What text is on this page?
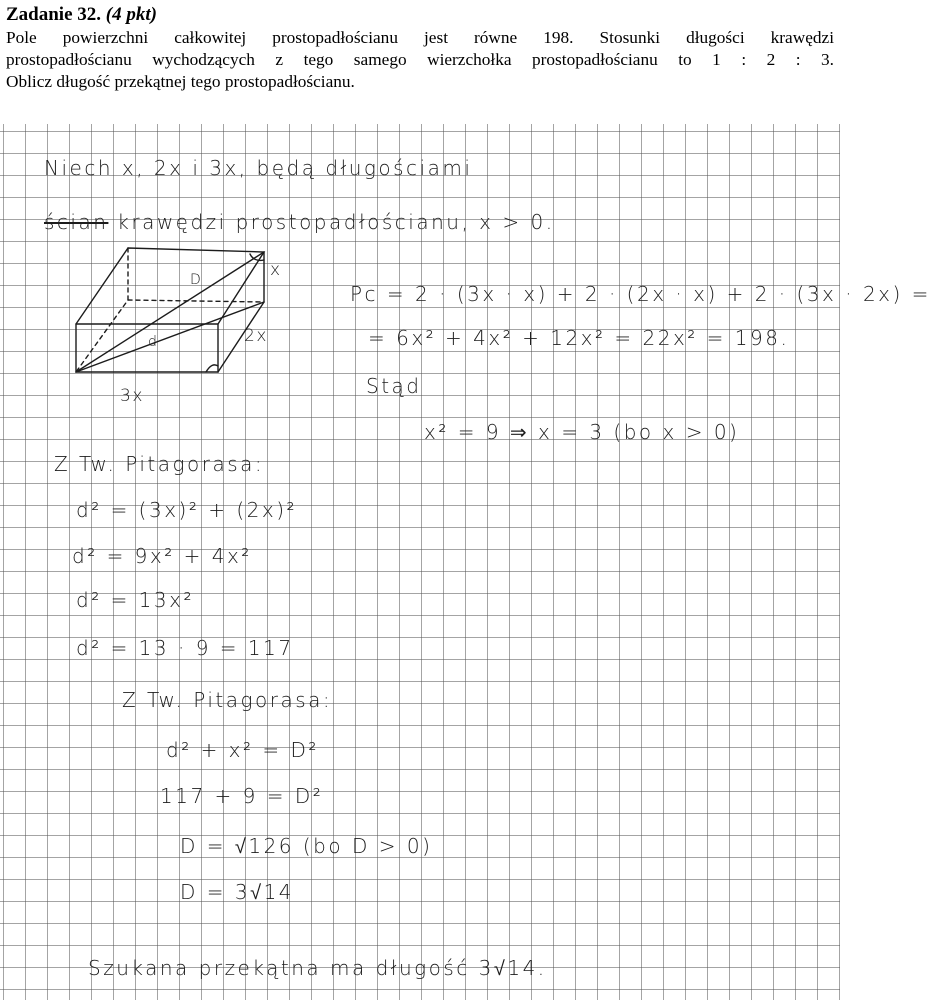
Zadanie 32. (4 pkt)
Pole powierzchni całkowitej prostopadłościanu jest równe 198. Stosunki długości krawędzi
prostopadłościanu wychodzących z tego samego wierzchołka prostopadłościanu to 1 : 2 : 3.
Oblicz długość przekątnej tego prostopadłościanu.
Niech x, 2x i 3x, będą długościami
ścian krawędzi prostopadłościanu, x > 0.
x
2x
3x
D
d
Pc = 2 · (3x · x) + 2 · (2x · x) + 2 · (3x · 2x) =
= 6x² + 4x² + 12x² = 22x² = 198.
Stąd
x² = 9 ⇒ x = 3 (bo x > 0)
Z Tw. Pitagorasa:
d² = (3x)² + (2x)²
d² = 9x² + 4x²
d² = 13x²
d² = 13 · 9 = 117
Z Tw. Pitagorasa:
d² + x² = D²
117 + 9 = D²
D = √126 (bo D > 0)
D = 3√14
Szukana przekątna ma długość 3√14.
